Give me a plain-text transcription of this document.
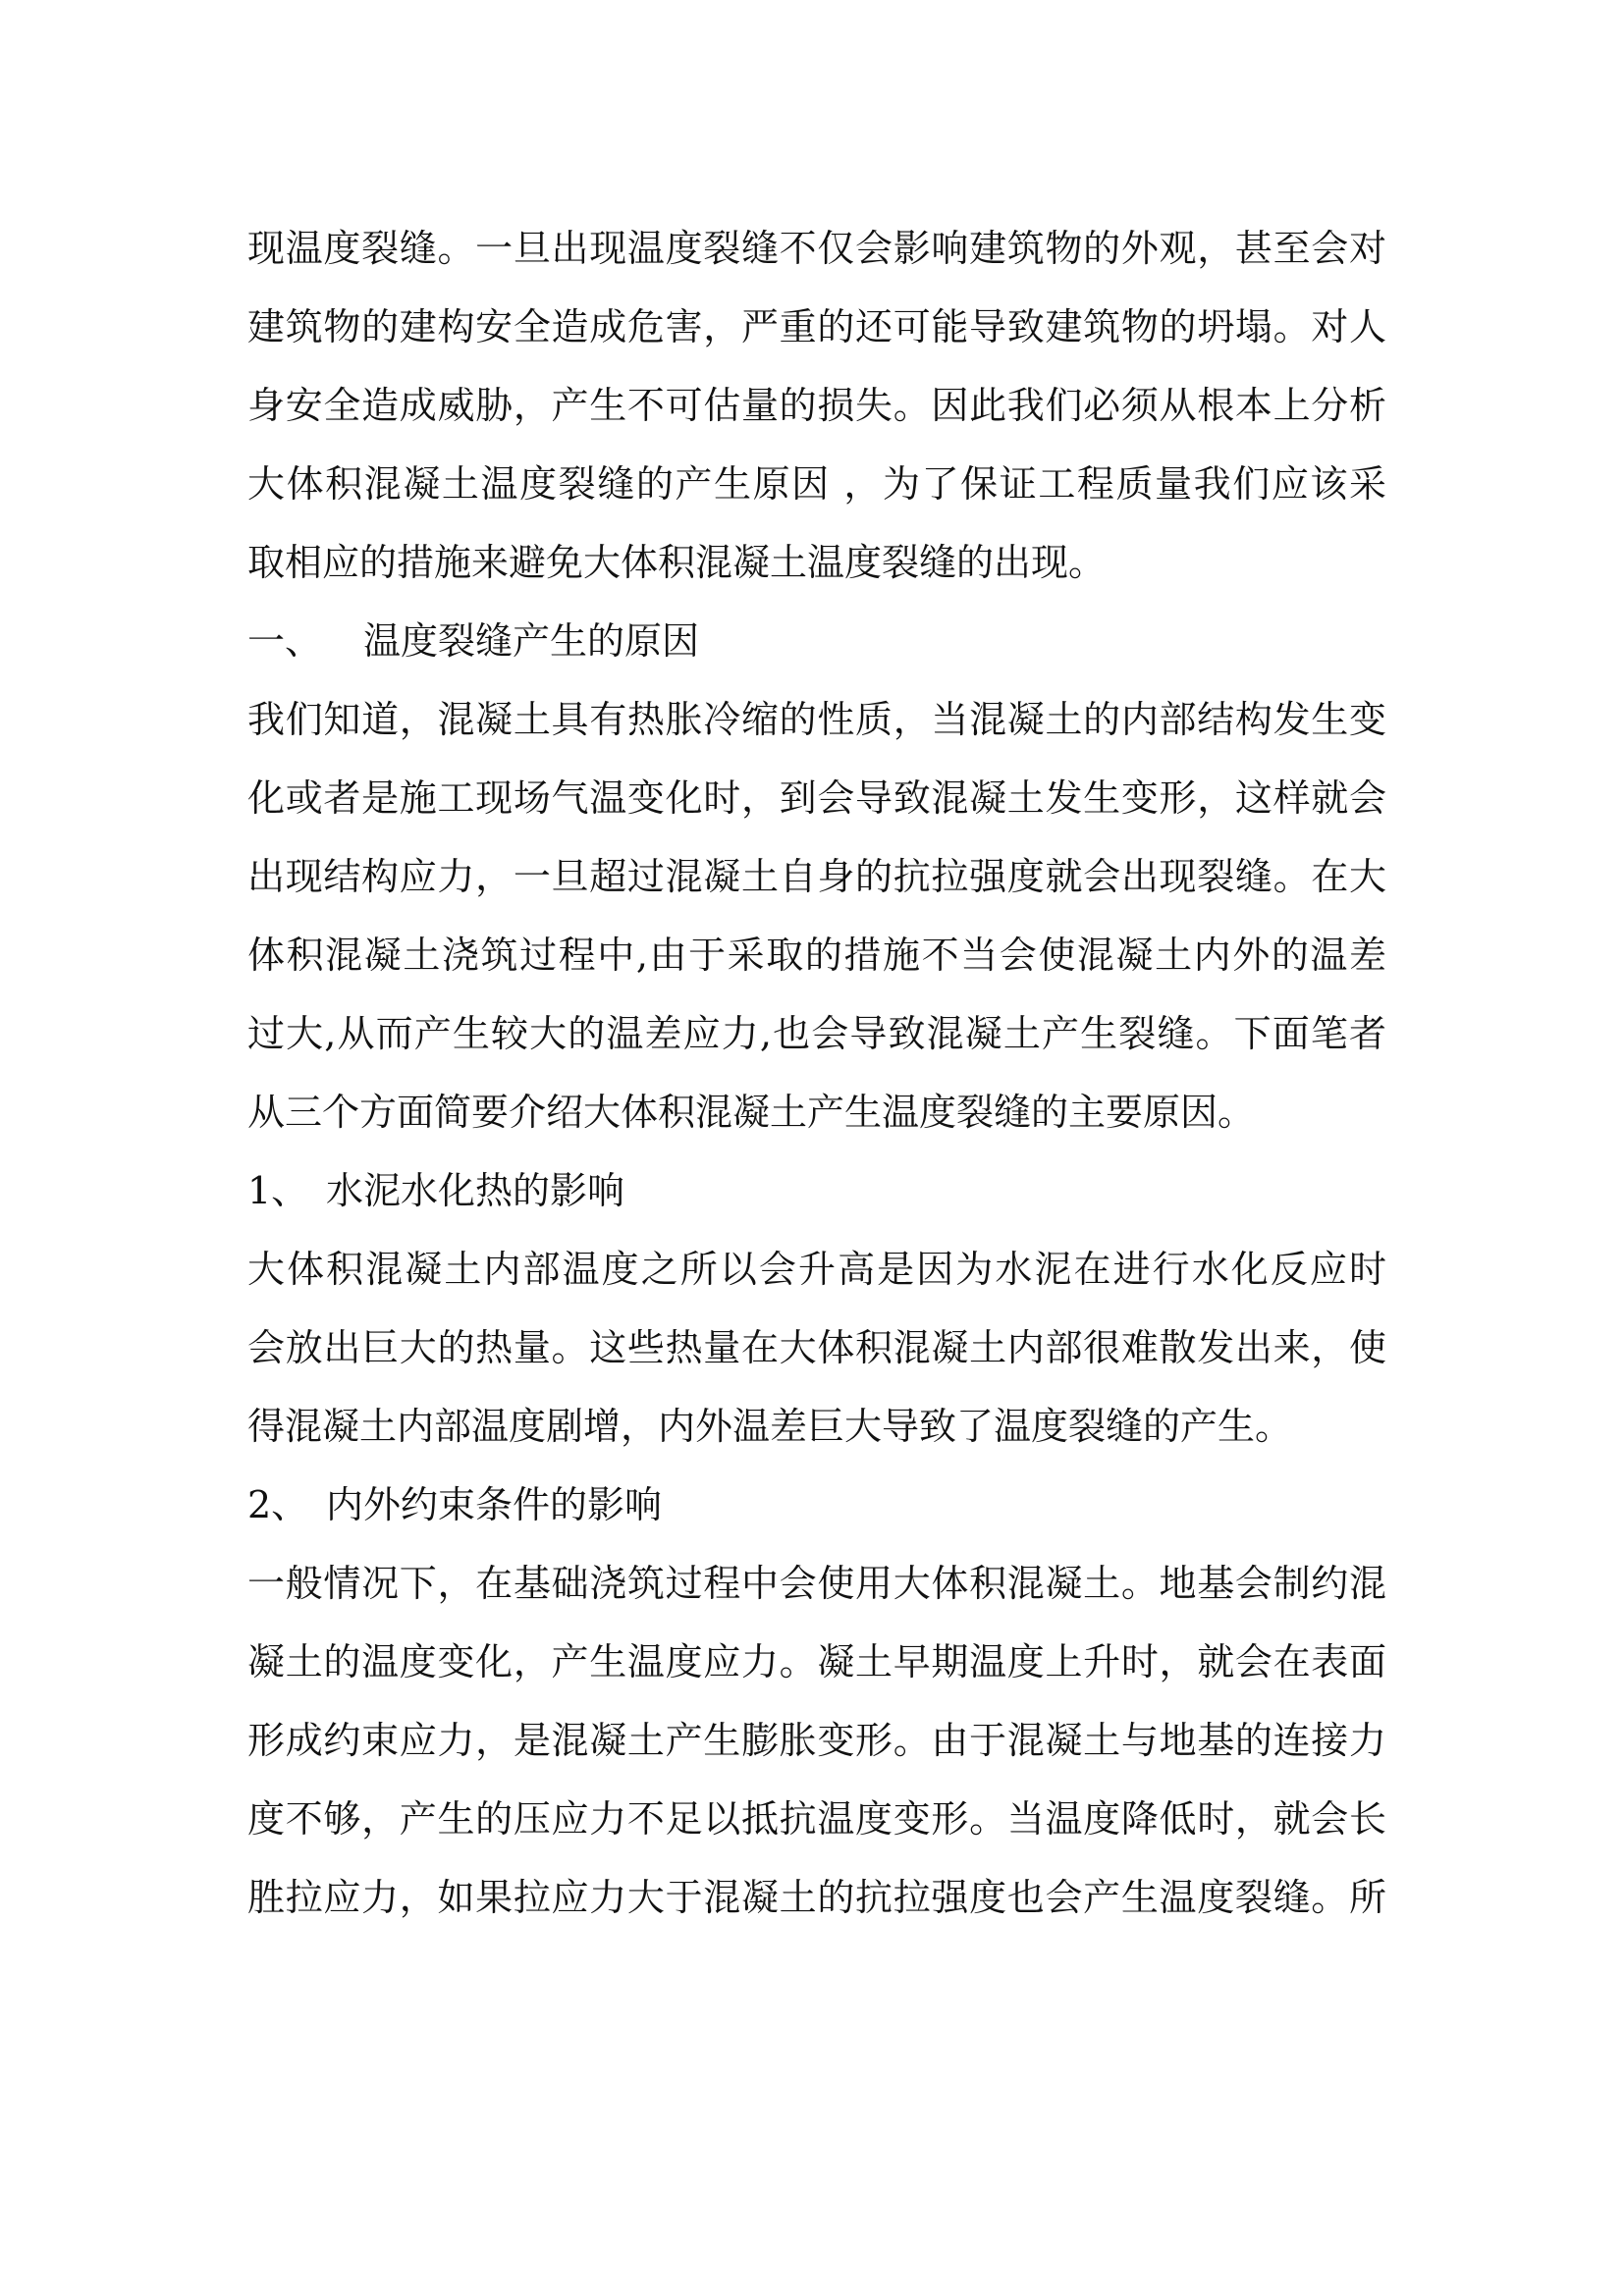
现温度裂缝。一旦出现温度裂缝不仅会影响建筑物的外观，甚至会对
建筑物的建构安全造成危害，严重的还可能导致建筑物的坍塌。对人
身安全造成威胁，产生不可估量的损失。因此我们必须从根本上分析
大体积混凝土温度裂缝的产生原因 ，为了保证工程质量我们应该采
取相应的措施来避免大体积混凝土温度裂缝的出现。
一、 温度裂缝产生的原因
我们知道，混凝土具有热胀冷缩的性质，当混凝土的内部结构发生变
化或者是施工现场气温变化时，到会导致混凝土发生变形，这样就会
出现结构应力，一旦超过混凝土自身的抗拉强度就会出现裂缝。在大
体积混凝土浇筑过程中,由于采取的措施不当会使混凝土内外的温差
过大,从而产生较大的温差应力,也会导致混凝土产生裂缝。下面笔者
从三个方面简要介绍大体积混凝土产生温度裂缝的主要原因。
1、 水泥水化热的影响
大体积混凝土内部温度之所以会升高是因为水泥在进行水化反应时
会放出巨大的热量。这些热量在大体积混凝土内部很难散发出来，使
得混凝土内部温度剧增，内外温差巨大导致了温度裂缝的产生。
2、 内外约束条件的影响
一般情况下，在基础浇筑过程中会使用大体积混凝土。地基会制约混
凝土的温度变化，产生温度应力。凝土早期温度上升时，就会在表面
形成约束应力，是混凝土产生膨胀变形。由于混凝土与地基的连接力
度不够，产生的压应力不足以抵抗温度变形。当温度降低时，就会长
胜拉应力，如果拉应力大于混凝土的抗拉强度也会产生温度裂缝。所
